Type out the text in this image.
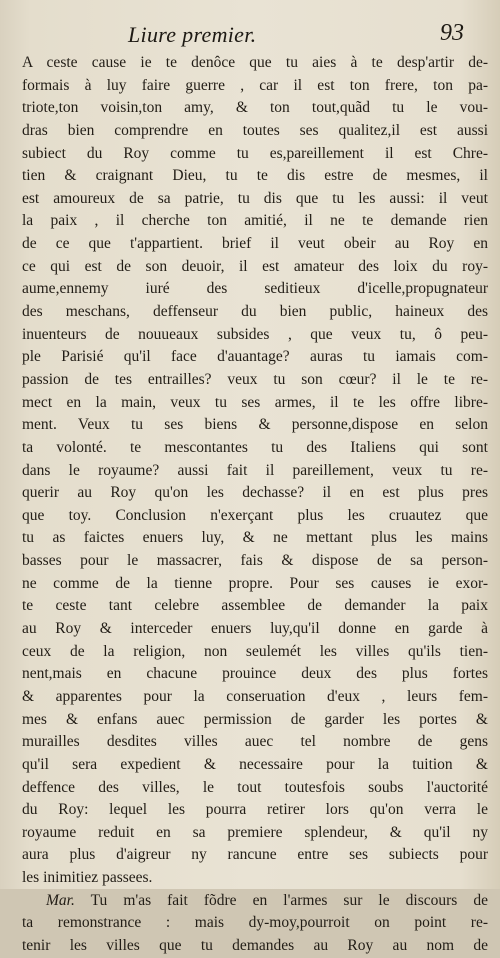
Liure premier.	93
A ceste cause ie te denôce que tu aies à te desp'artir de-
formais à luy faire guerre , car il est ton frere, ton pa-
triote,ton voisin,ton amy, & ton tout,quãd tu le vou-
dras bien comprendre en toutes ses qualitez,il est aussi
subiect du Roy comme tu es,pareillement il est Chre-
tien & craignant Dieu, tu te dis estre de mesmes, il
est amoureux de sa patrie, tu dis que tu les aussi: il veut
la paix , il cherche ton amitié, il ne te demande rien
de ce que t'appartient. brief il veut obeir au Roy en
ce qui est de son deuoir, il est amateur des loix du roy-
aume,ennemy iuré des seditieux d'icelle,propugnateur
des meschans, deffenseur du bien public, haineux des
inuenteurs de nouueaux subsides , que veux tu, ô peu-
ple Parisié qu'il face d'auantage? auras tu iamais com-
passion de tes entrailles? veux tu son cœur? il le te re-
mect en la main, veux tu ses armes, il te les offre libre-
ment. Veux tu ses biens & personne,dispose en selon
ta volonté. te mescontantes tu des Italiens qui sont
dans le royaume? aussi fait il pareillement, veux tu re-
querir au Roy qu'on les dechasse? il en est plus pres
que toy. Conclusion n'exerçant plus les cruautez que
tu as faictes enuers luy, & ne mettant plus les mains
basses pour le massacrer, fais & dispose de sa person-
ne comme de la tienne propre. Pour ses causes ie exor-
te ceste tant celebre assemblee de demander la paix
au Roy & interceder enuers luy,qu'il donne en garde à
ceux de la religion, non seulemét les villes qu'ils tien-
nent,mais en chacune prouince deux des plus fortes
& apparentes pour la conseruation d'eux , leurs fem-
mes & enfans auec permission de garder les portes &
murailles desdites villes auec tel nombre de gens
qu'il sera expedient & necessaire pour la tuition &
deffence des villes, le tout toutesfois soubs l'auctorité
du Roy: lequel les pourra retirer lors qu'on verra le
royaume reduit en sa premiere splendeur, & qu'il ny
aura plus d'aigreur ny rancune entre ses subiects pour
les inimitiez passees.
Mar. Tu m'as fait fõdre en l'armes sur le discours de
ta remonstrance : mais dy-moy,pourroit on point re-
tenir les villes que tu demandes au Roy au nom de
